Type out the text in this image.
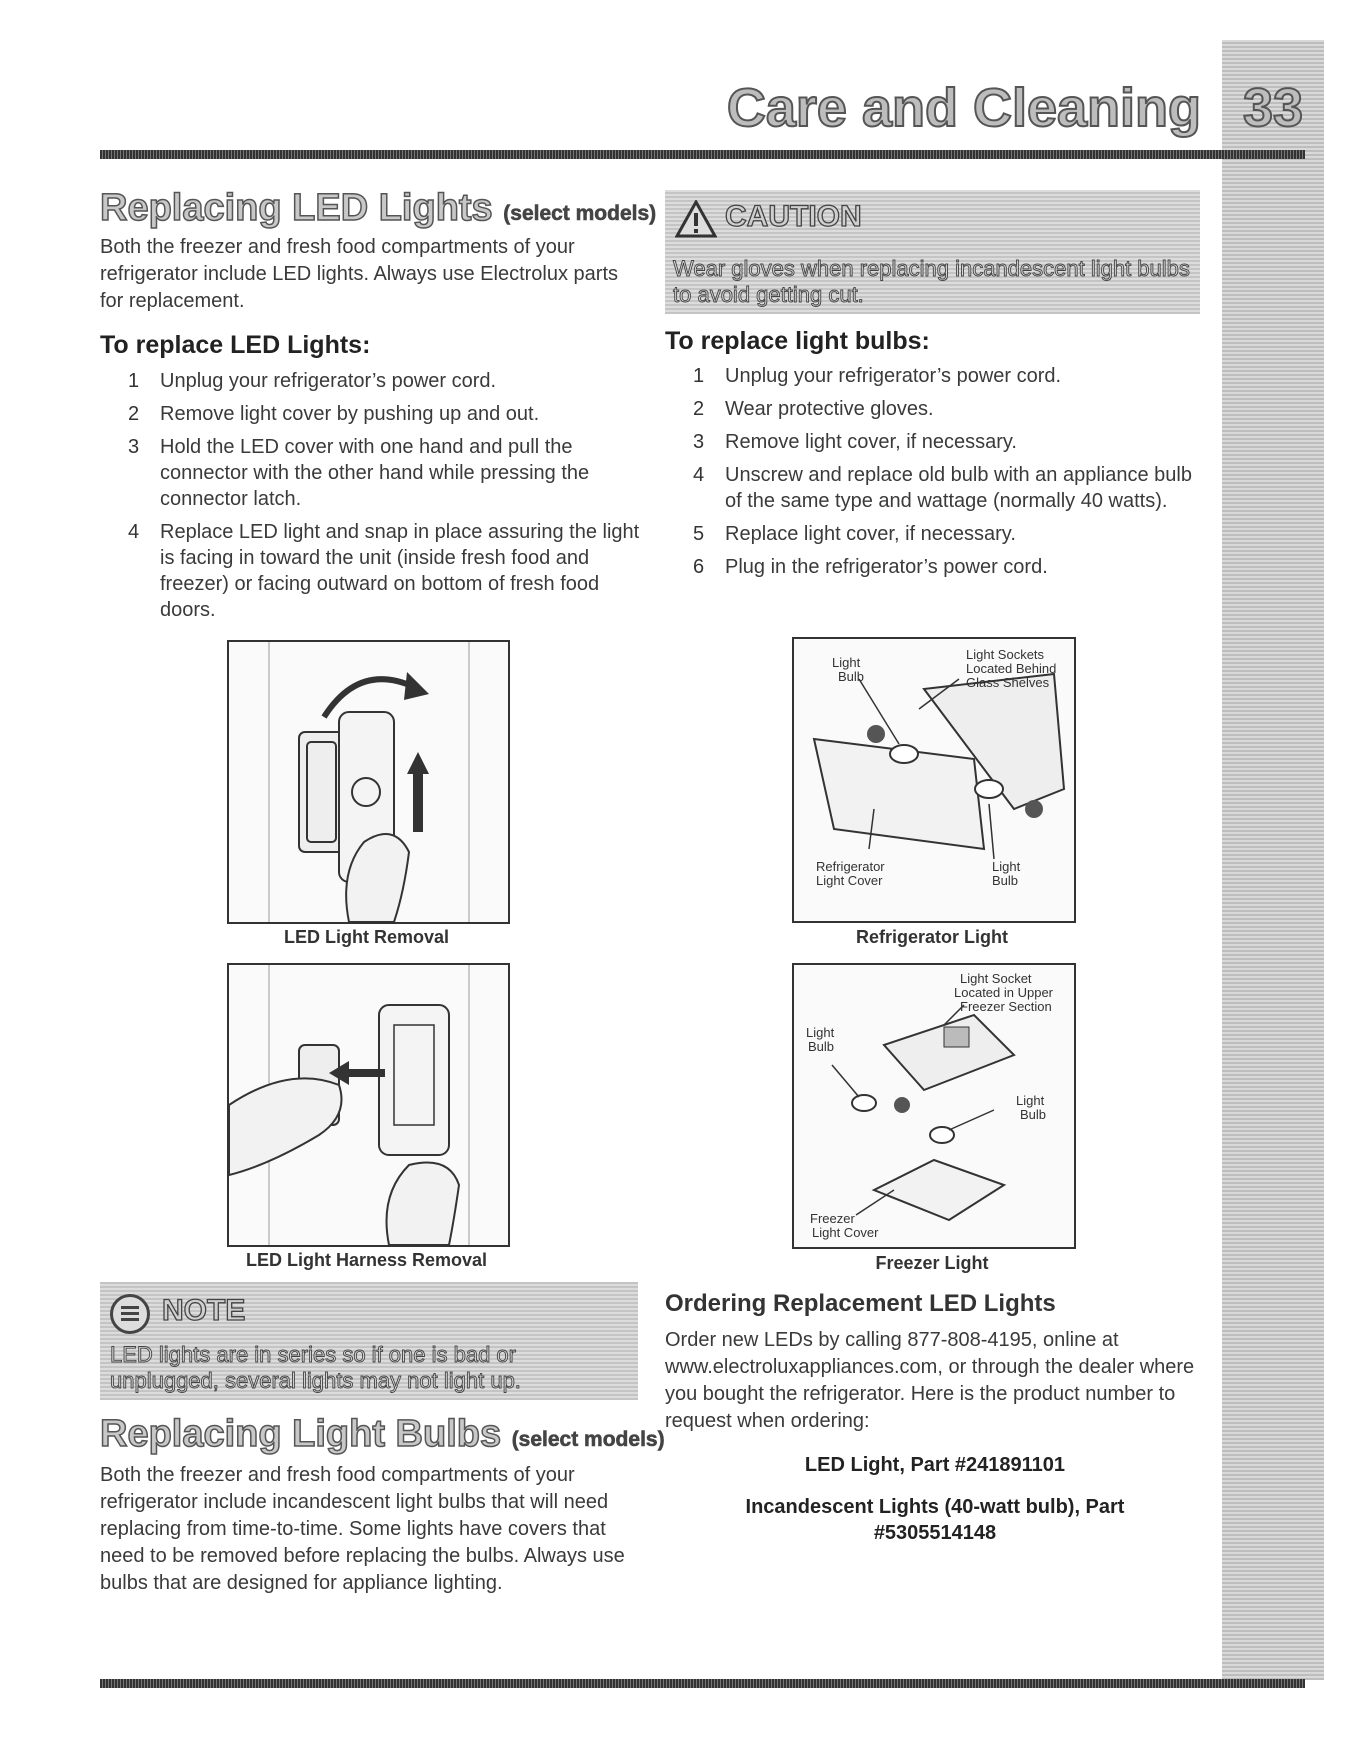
33
Care and Cleaning
Replacing LED Lights (select models)
Both the freezer and fresh food compartments of your refrigerator include LED lights. Always use Electrolux parts for replacement.
To replace LED Lights:
1 Unplug your refrigerator’s power cord.
2 Remove light cover by pushing up and out.
3 Hold the LED cover with one hand and pull the connector with the other hand while pressing the connector latch.
4 Replace LED light and snap in place assuring the light is facing in toward the unit (inside fresh food and freezer) or facing outward on bottom of fresh food doors.
LED Light Removal
LED Light Harness Removal
NOTE
LED lights are in series so if one is bad or unplugged, several lights may not light up.
Replacing Light Bulbs (select models)
Both the freezer and fresh food compartments of your refrigerator include incandescent light bulbs that will need replacing from time-to-time. Some lights have covers that need to be removed before replacing the bulbs. Always use bulbs that are designed for appliance lighting.
CAUTION
Wear gloves when replacing incandescent light bulbs to avoid getting cut.
To replace light bulbs:
1 Unplug your refrigerator’s power cord.
2 Wear protective gloves.
3 Remove light cover, if necessary.
4 Unscrew and replace old bulb with an appliance bulb of the same type and wattage (normally 40 watts).
5 Replace light cover, if necessary.
6 Plug in the refrigerator’s power cord.
Light
Bulb
Light Sockets
Located Behind
Glass Shelves
Refrigerator
Light Cover
Light
Bulb
Refrigerator Light
Light Socket
Located in Upper
Freezer Section
Light
Bulb
Light
Bulb
Freezer
Light Cover
Freezer Light
Ordering Replacement LED Lights
Order new LEDs by calling 877-808-4195, online at www.electroluxappliances.com, or through the dealer where you bought the refrigerator. Here is the product number to request when ordering:
LED Light, Part #241891101
Incandescent Lights (40-watt bulb), Part
#5305514148
